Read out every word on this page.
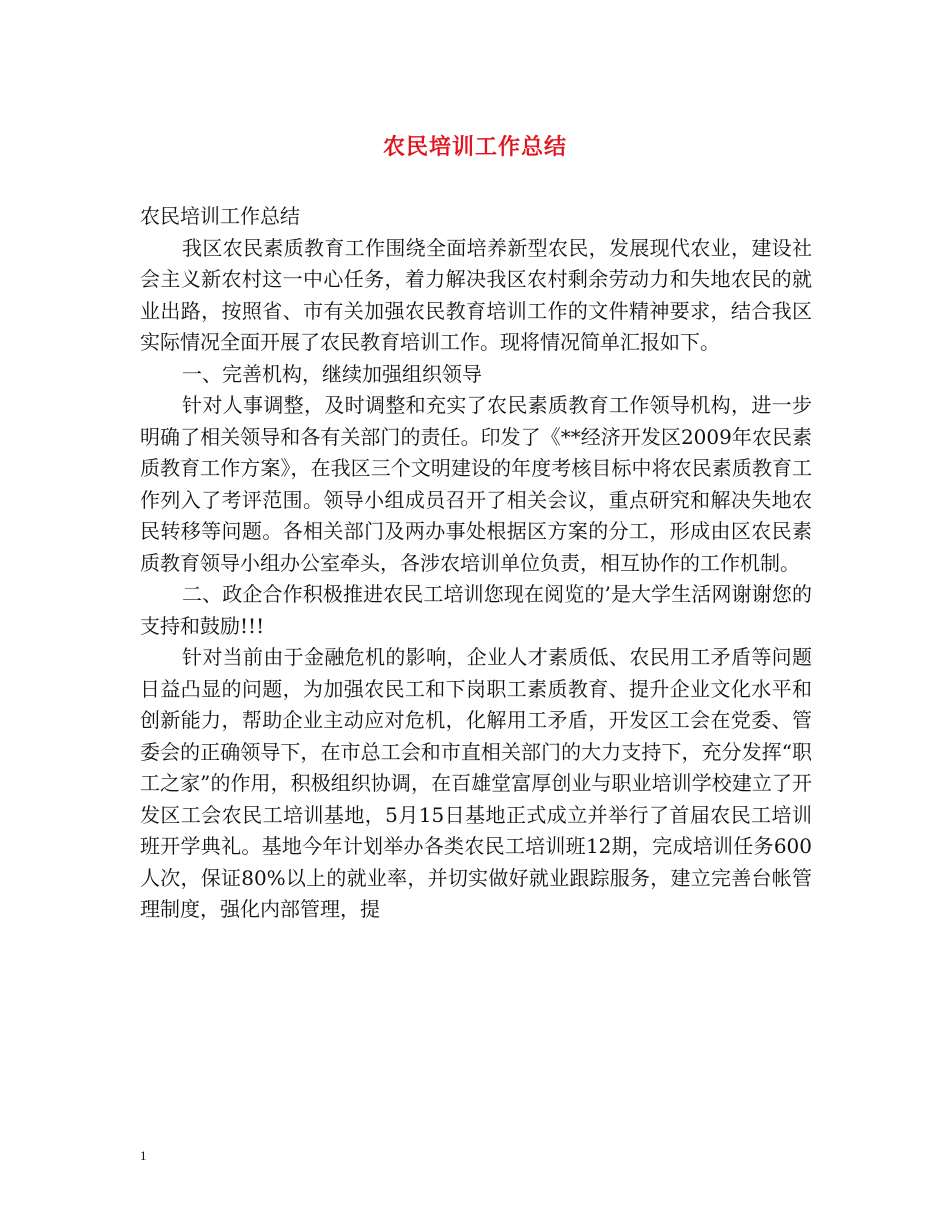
农民培训工作总结

农民培训工作总结

我区农民素质教育工作围绕全面培养新型农民，发展现代农业，建设社会主义新农村这一中心任务，着力解决我区农村剩余劳动力和失地农民的就业出路，按照省、市有关加强农民教育培训工作的文件精神要求，结合我区实际情况全面开展了农民教育培训工作。现将情况简单汇报如下。

一、完善机构，继续加强组织领导

针对人事调整，及时调整和充实了农民素质教育工作领导机构，进一步明确了相关领导和各有关部门的责任。印发了《**经济开发区2009年农民素质教育工作方案》，在我区三个文明建设的年度考核目标中将农民素质教育工作列入了考评范围。领导小组成员召开了相关会议，重点研究和解决失地农民转移等问题。各相关部门及两办事处根据区方案的分工，形成由区农民素质教育领导小组办公室牵头，各涉农培训单位负责，相互协作的工作机制。

二、政企合作积极推进农民工培训您现在阅览的’是大学生活网谢谢您的支持和鼓励!!!

针对当前由于金融危机的影响，企业人才素质低、农民用工矛盾等问题日益凸显的问题，为加强农民工和下岗职工素质教育、提升企业文化水平和创新能力，帮助企业主动应对危机，化解用工矛盾，开发区工会在党委、管委会的正确领导下，在市总工会和市直相关部门的大力支持下，充分发挥“职工之家”的作用，积极组织协调，在百雄堂富厚创业与职业培训学校建立了开发区工会农民工培训基地，5月15日基地正式成立并举行了首届农民工培训班开学典礼。基地今年计划举办各类农民工培训班12期，完成培训任务600人次，保证80%以上的就业率，并切实做好就业跟踪服务，建立完善台帐管理制度，强化内部管理，提

1
